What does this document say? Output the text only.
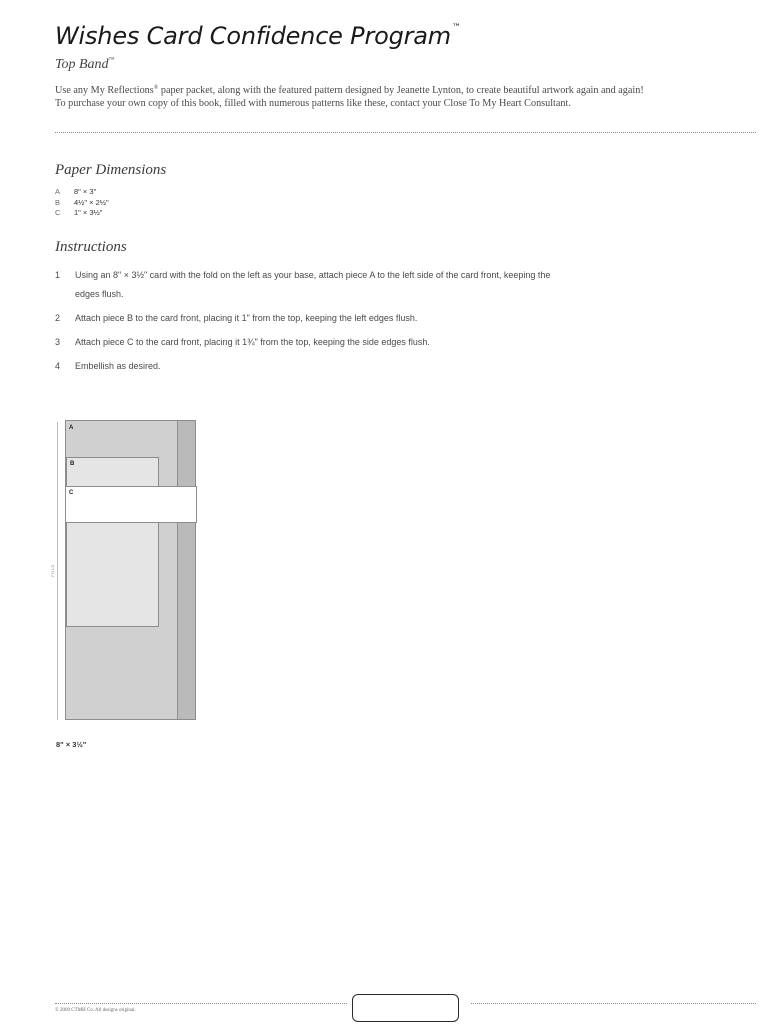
Wishes Card Confidence Program™
Top Band™

Use any My Reflections® paper packet, along with the featured pattern designed by Jeanette Lynton, to create beautiful artwork again and again!

To purchase your own copy of this book, filled with numerous patterns like these, contact your Close To My Heart Consultant.

Paper Dimensions
A	8" × 3"
B	4½" × 2½"
C	1" × 3½"
Instructions
1	Using an 8" × 3½" card with the fold on the left as your base, attach piece A to the left side of the card front, keeping the edges flush.
2	Attach piece B to the card front, placing it 1" from the top, keeping the left edges flush.
3	Attach piece C to the card front, placing it 1¾" from the top, keeping the side edges flush.
4	Embellish as desired.
FOLD
A
B
C
8" × 3½"
© 2009 CTMH Co. All designs original.
